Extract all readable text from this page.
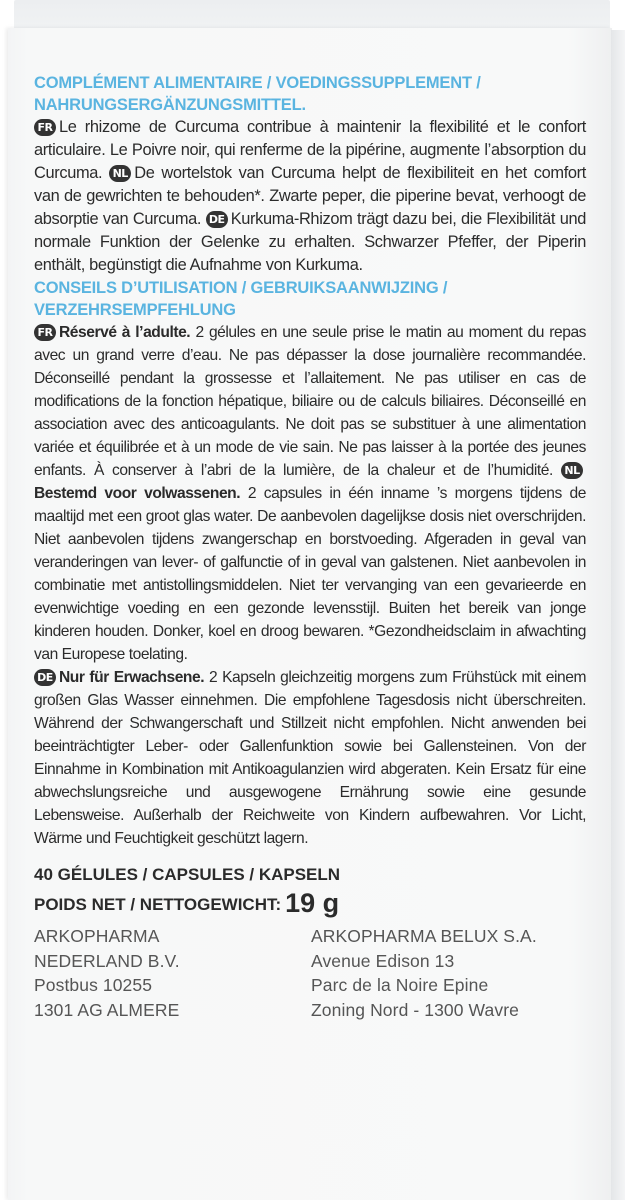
COMPLÉMENT ALIMENTAIRE / VOEDINGSSUPPLEMENT / NAHRUNGSERGÄNZUNGSMITTEL.

FR Le rhizome de Curcuma contribue à maintenir la flexibilité et le confort articulaire. Le Poivre noir, qui renferme de la pipérine, augmente l’absorption du Curcuma. NL De wortelstok van Curcuma helpt de flexibiliteit en het comfort van de gewrichten te behouden*. Zwarte peper, die piperine bevat, verhoogt de absorptie van Curcuma. DE Kurkuma-Rhizom trägt dazu bei, die Flexibilität und normale Funktion der Gelenke zu erhalten. Schwarzer Pfeffer, der Piperin enthält, begünstigt die Aufnahme von Kurkuma.

CONSEILS D’UTILISATION / GEBRUIKSAANWIJZING / VERZEHRSEMPFEHLUNG

FR Réservé à l’adulte. 2 gélules en une seule prise le matin au moment du repas avec un grand verre d’eau. Ne pas dépasser la dose journalière recommandée. Déconseillé pendant la grossesse et l’allaitement. Ne pas utiliser en cas de modifications de la fonction hépatique, biliaire ou de calculs biliaires. Déconseillé en association avec des anticoagulants. Ne doit pas se substituer à une alimentation variée et équilibrée et à un mode de vie sain. Ne pas laisser à la portée des jeunes enfants. À conserver à l’abri de la lumière, de la chaleur et de l’humidité. NLBestemd voor volwassenen. 2 capsules in één inname ’s morgens tijdens de maaltijd met een groot glas water. De aanbevolen dagelijkse dosis niet overschrijden. Niet aanbevolen tijdens zwangerschap en borstvoeding. Afgeraden in geval van veranderingen van lever- of galfunctie of in geval van galstenen. Niet aanbevolen in combinatie met antistollingsmiddelen. Niet ter vervanging van een gevarieerde en evenwichtige voeding en een gezonde levensstijl. Buiten het bereik van jonge kinderen houden. Donker, koel en droog bewaren. *Gezondheidsclaim in afwachting van Europese toelating.

DE Nur für Erwachsene. 2 Kapseln gleichzeitig morgens zum Frühstück mit einem großen Glas Wasser einnehmen. Die empfohlene Tagesdosis nicht überschreiten. Während der Schwangerschaft und Stillzeit nicht empfohlen. Nicht anwenden bei beeinträchtigter Leber- oder Gallenfunktion sowie bei Gallensteinen. Von der Einnahme in Kombination mit Antikoagulanzien wird abgeraten. Kein Ersatz für eine abwechslungsreiche und ausgewogene Ernährung sowie eine gesunde Lebensweise. Außerhalb der Reichweite von Kindern aufbewahren. Vor Licht, Wärme und Feuchtigkeit geschützt lagern.

40 GÉLULES / CAPSULES / KAPSELN
POIDS NET / NETTOGEWICHT: 19 g
ARKOPHARMA
NEDERLAND B.V.
Postbus 10255
1301 AG ALMERE
ARKOPHARMA BELUX S.A.
Avenue Edison 13
Parc de la Noire Epine
Zoning Nord - 1300 Wavre
